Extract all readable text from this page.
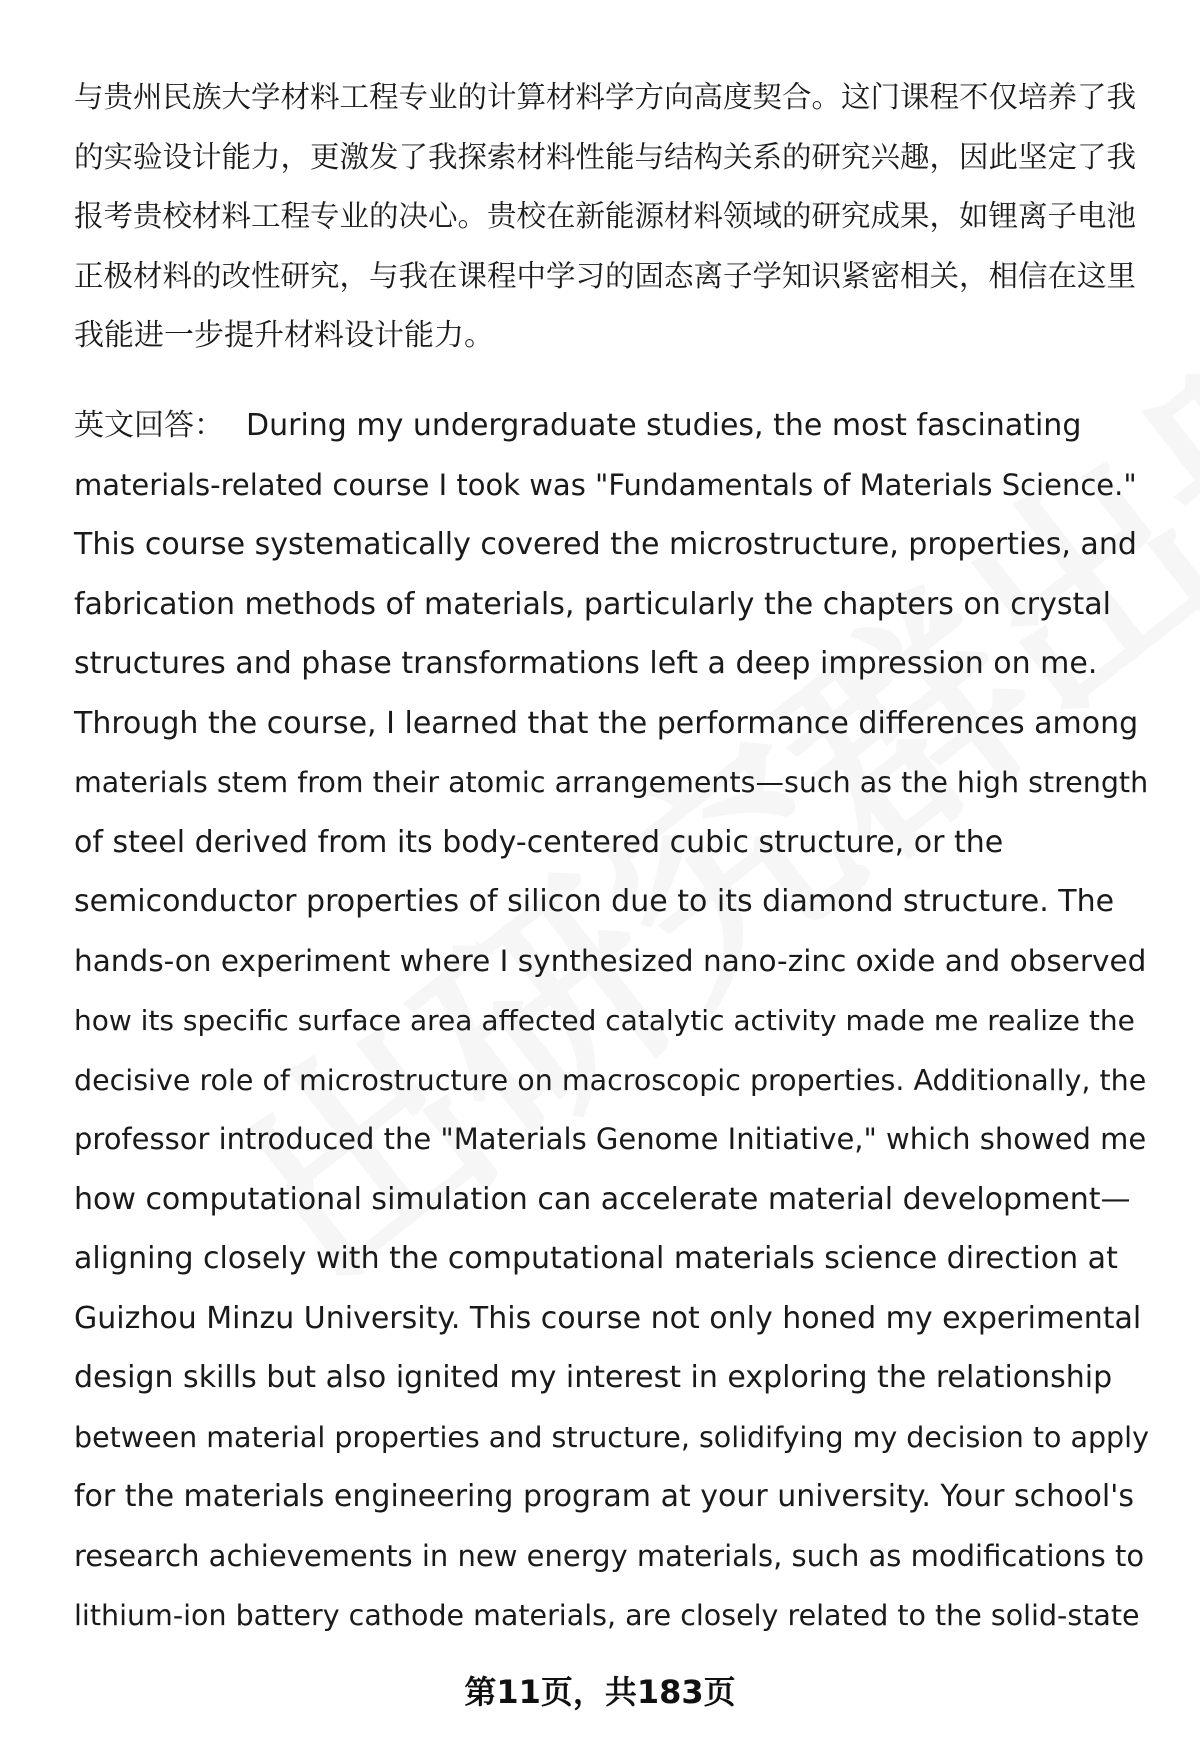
与贵州民族大学材料工程专业的计算材料学方向高度契合。这门课程不仅培养了我
的实验设计能力，更激发了我探索材料性能与结构关系的研究兴趣，因此坚定了我
报考贵校材料工程专业的决心。贵校在新能源材料领域的研究成果，如锂离子电池
正极材料的改性研究，与我在课程中学习的固态离子学知识紧密相关，相信在这里
我能进一步提升材料设计能力。
英文回答： During my undergraduate studies, the most fascinating
materials-related course I took was "Fundamentals of Materials Science."
This course systematically covered the microstructure, properties, and
fabrication methods of materials, particularly the chapters on crystal
structures and phase transformations left a deep impression on me.
Through the course, I learned that the performance differences among
materials stem from their atomic arrangements—such as the high strength
of steel derived from its body-centered cubic structure, or the
semiconductor properties of silicon due to its diamond structure. The
hands-on experiment where I synthesized nano-zinc oxide and observed
how its specific surface area affected catalytic activity made me realize the
decisive role of microstructure on macroscopic properties. Additionally, the
professor introduced the "Materials Genome Initiative," which showed me
how computational simulation can accelerate material development—
aligning closely with the computational materials science direction at
Guizhou Minzu University. This course not only honed my experimental
design skills but also ignited my interest in exploring the relationship
between material properties and structure, solidifying my decision to apply
for the materials engineering program at your university. Your school's
research achievements in new energy materials, such as modifications to
lithium-ion battery cathode materials, are closely related to the solid-state
第11页，共183页
